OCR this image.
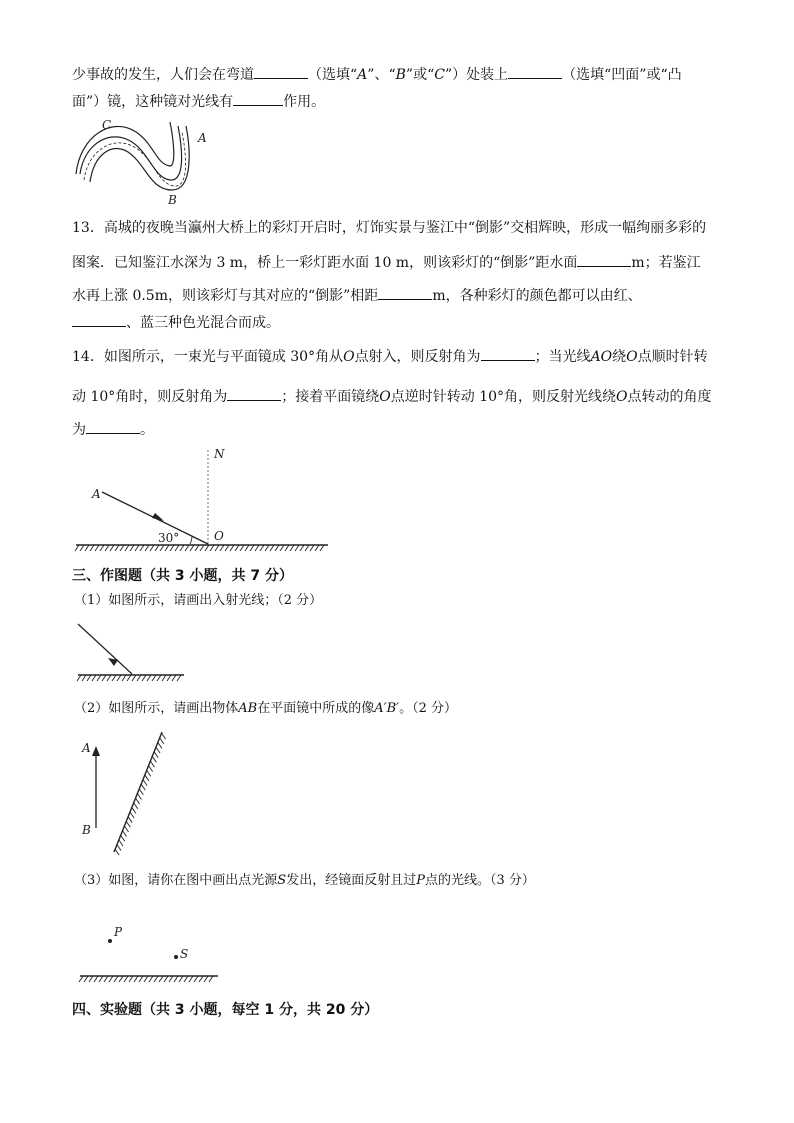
少事故的发生，人们会在弯道	（选填“A”、“B”或“C”）处装上	（选填“凹面”或“凸
面”）镜，这种镜对光线有	作用。
C
A
B
13．高城的夜晚当瀛州大桥上的彩灯开启时，灯饰实景与鉴江中“倒影”交相辉映，形成一幅绚丽多彩的
图案．已知鉴江水深为 3 m，桥上一彩灯距水面 10 m，则该彩灯的“倒影”距水面	m；若鉴江
水再上涨 0.5m，则该彩灯与其对应的“倒影”相距	m，各种彩灯的颜色都可以由红、
、蓝三种色光混合而成。
14．如图所示，一束光与平面镜成 30°角从O点射入，则反射角为	；当光线AO绕O点顺时针转
动 10°角时，则反射角为	；接着平面镜绕O点逆时针转动 10°角，则反射光线绕O点转动的角度
为	。
N
A
30°	O
三、作图题（共 3 小题，共 7 分）
（1）如图所示，请画出入射光线；（2 分）
（2）如图所示，请画出物体AB在平面镜中所成的像A′B′。（2 分）
A
B
（3）如图，请你在图中画出点光源S发出，经镜面反射且过P点的光线。（3 分）
P
S
四、实验题（共 3 小题，每空 1 分，共 20 分）
